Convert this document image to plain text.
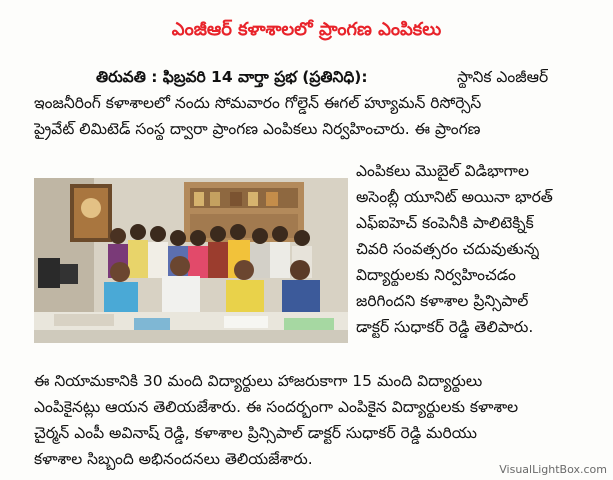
ఎంజీఆర్ కళాశాలలో ప్రాంగణ ఎంపికలు
తిరువతి : ఫిబ్రవరి 14 వార్తా ప్రభ (ప్రతినిధి):	స్థానిక ఎంజీఆర్
ఇంజనీరింగ్ కళాశాలలో నందు సోమవారం గోల్డెన్ ఈగల్ హ్యూమన్ రిసోర్సెస్
ప్రైవేట్ లిమిటెడ్ సంస్థ ద్వారా ప్రాంగణ ఎంపికలు నిర్వహించారు. ఈ ప్రాంగణ
ఎంపికలు మొబైల్ విడిభాగాల
అసెంబ్లీ యూనిట్ అయినా భారత్
ఎఫ్ఐహెచ్ కంపెనీకి పాలిటెక్నిక్
చివరి సంవత్సరం చదువుతున్న
విద్యార్థులకు నిర్వహించడం
జరిగిందని కళాశాల ప్రిన్సిపాల్
డాక్టర్ సుధాకర్ రెడ్డి తెలిపారు.
ఈ నియామకానికి 30 మంది విద్యార్థులు హాజరుకాగా 15 మంది విద్యార్థులు
ఎంపికైనట్లు ఆయన తెలియజేశారు. ఈ సందర్భంగా ఎంపికైన విద్యార్థులకు కళాశాల
చైర్మన్ ఎంపీ అవినాష్ రెడ్డి, కళాశాల ప్రిన్సిపాల్ డాక్టర్ సుధాకర్ రెడ్డి మరియు
కళాశాల సిబ్బంది అభినందనలు తెలియజేశారు.
VisualLightBox.com
